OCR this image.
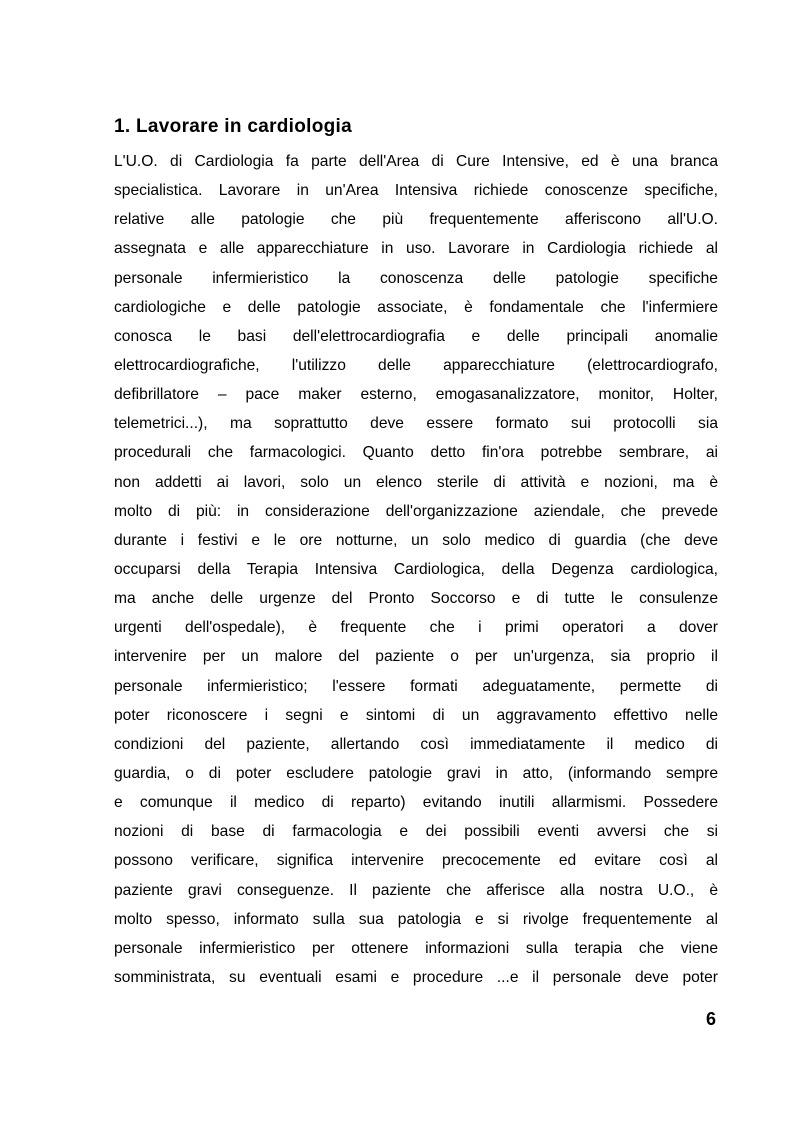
1. Lavorare in cardiologia
L'U.O. di Cardiologia fa parte dell'Area di Cure Intensive, ed è una branca
specialistica. Lavorare in un'Area Intensiva richiede conoscenze specifiche,
relative alle patologie che più frequentemente afferiscono all'U.O.
assegnata e alle apparecchiature in uso. Lavorare in Cardiologia richiede al
personale infermieristico la conoscenza delle patologie specifiche
cardiologiche e delle patologie associate, è fondamentale che l'infermiere
conosca le basi dell'elettrocardiografia e delle principali anomalie
elettrocardiografiche, l'utilizzo delle apparecchiature (elettrocardiografo,
defibrillatore – pace maker esterno, emogasanalizzatore, monitor, Holter,
telemetrici...), ma soprattutto deve essere formato sui protocolli sia
procedurali che farmacologici. Quanto detto fin'ora potrebbe sembrare, ai
non addetti ai lavori, solo un elenco sterile di attività e nozioni, ma è
molto di più: in considerazione dell'organizzazione aziendale, che prevede
durante i festivi e le ore notturne, un solo medico di guardia (che deve
occuparsi della Terapia Intensiva Cardiologica, della Degenza cardiologica,
ma anche delle urgenze del Pronto Soccorso e di tutte le consulenze
urgenti dell'ospedale), è frequente che i primi operatori a dover
intervenire per un malore del paziente o per un'urgenza, sia proprio il
personale infermieristico; l'essere formati adeguatamente, permette di
poter riconoscere i segni e sintomi di un aggravamento effettivo nelle
condizioni del paziente, allertando così immediatamente il medico di
guardia, o di poter escludere patologie gravi in atto, (informando sempre
e comunque il medico di reparto) evitando inutili allarmismi. Possedere
nozioni di base di farmacologia e dei possibili eventi avversi che si
possono verificare, significa intervenire precocemente ed evitare così al
paziente gravi conseguenze. Il paziente che afferisce alla nostra U.O., è
molto spesso, informato sulla sua patologia e si rivolge frequentemente al
personale infermieristico per ottenere informazioni sulla terapia che viene
somministrata, su eventuali esami e procedure ...e il personale deve poter
6
